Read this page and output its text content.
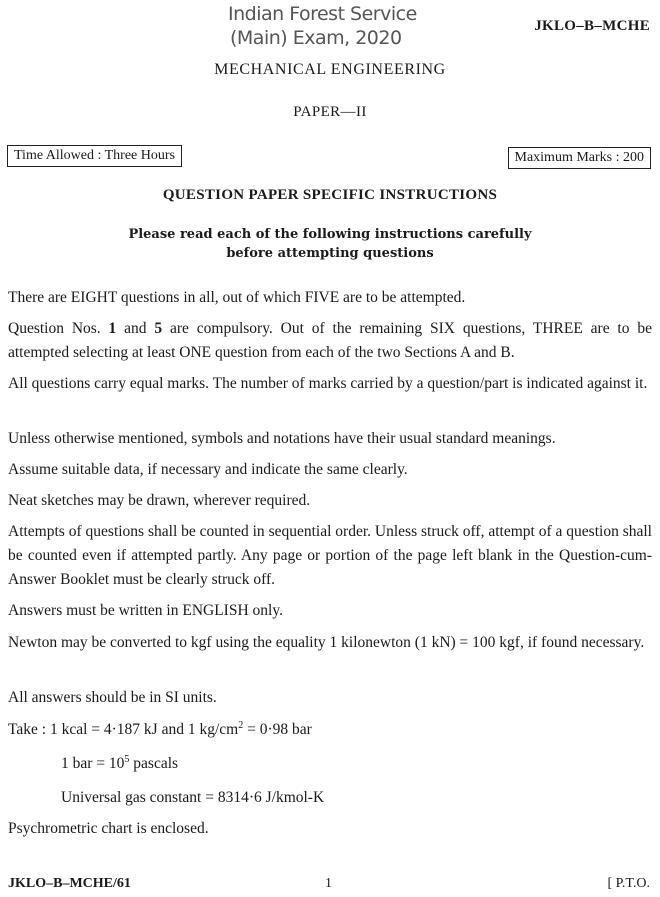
Indian Forest Service
(Main) Exam, 2020
JKLO–B–MCHE
MECHANICAL ENGINEERING
PAPER—II
Time Allowed : Three Hours	Maximum Marks : 200
QUESTION PAPER SPECIFIC INSTRUCTIONS
Please read each of the following instructions carefully
before attempting questions
There are EIGHT questions in all, out of which FIVE are to be attempted.
Question Nos. 1 and 5 are compulsory. Out of the remaining SIX questions, THREE are to be attempted selecting at least ONE question from each of the two Sections A and B.
All questions carry equal marks. The number of marks carried by a question/part is indicated against it.
Unless otherwise mentioned, symbols and notations have their usual standard meanings.
Assume suitable data, if necessary and indicate the same clearly.
Neat sketches may be drawn, wherever required.
Attempts of questions shall be counted in sequential order. Unless struck off, attempt of a question shall be counted even if attempted partly. Any page or portion of the page left blank in the Question-cum-Answer Booklet must be clearly struck off.
Answers must be written in ENGLISH only.
Newton may be converted to kgf using the equality 1 kilonewton (1 kN) = 100 kgf, if found necessary.
All answers should be in SI units.
Take : 1 kcal = 4·187 kJ and 1 $kg/cm^2 = 0\cdot 98$ bar
1 bar = $10^5$ pascals
Universal gas constant = 8314·6 J/kmol-K
Psychrometric chart is enclosed.
JKLO–B–MCHE/61	1	[ P.T.O.
